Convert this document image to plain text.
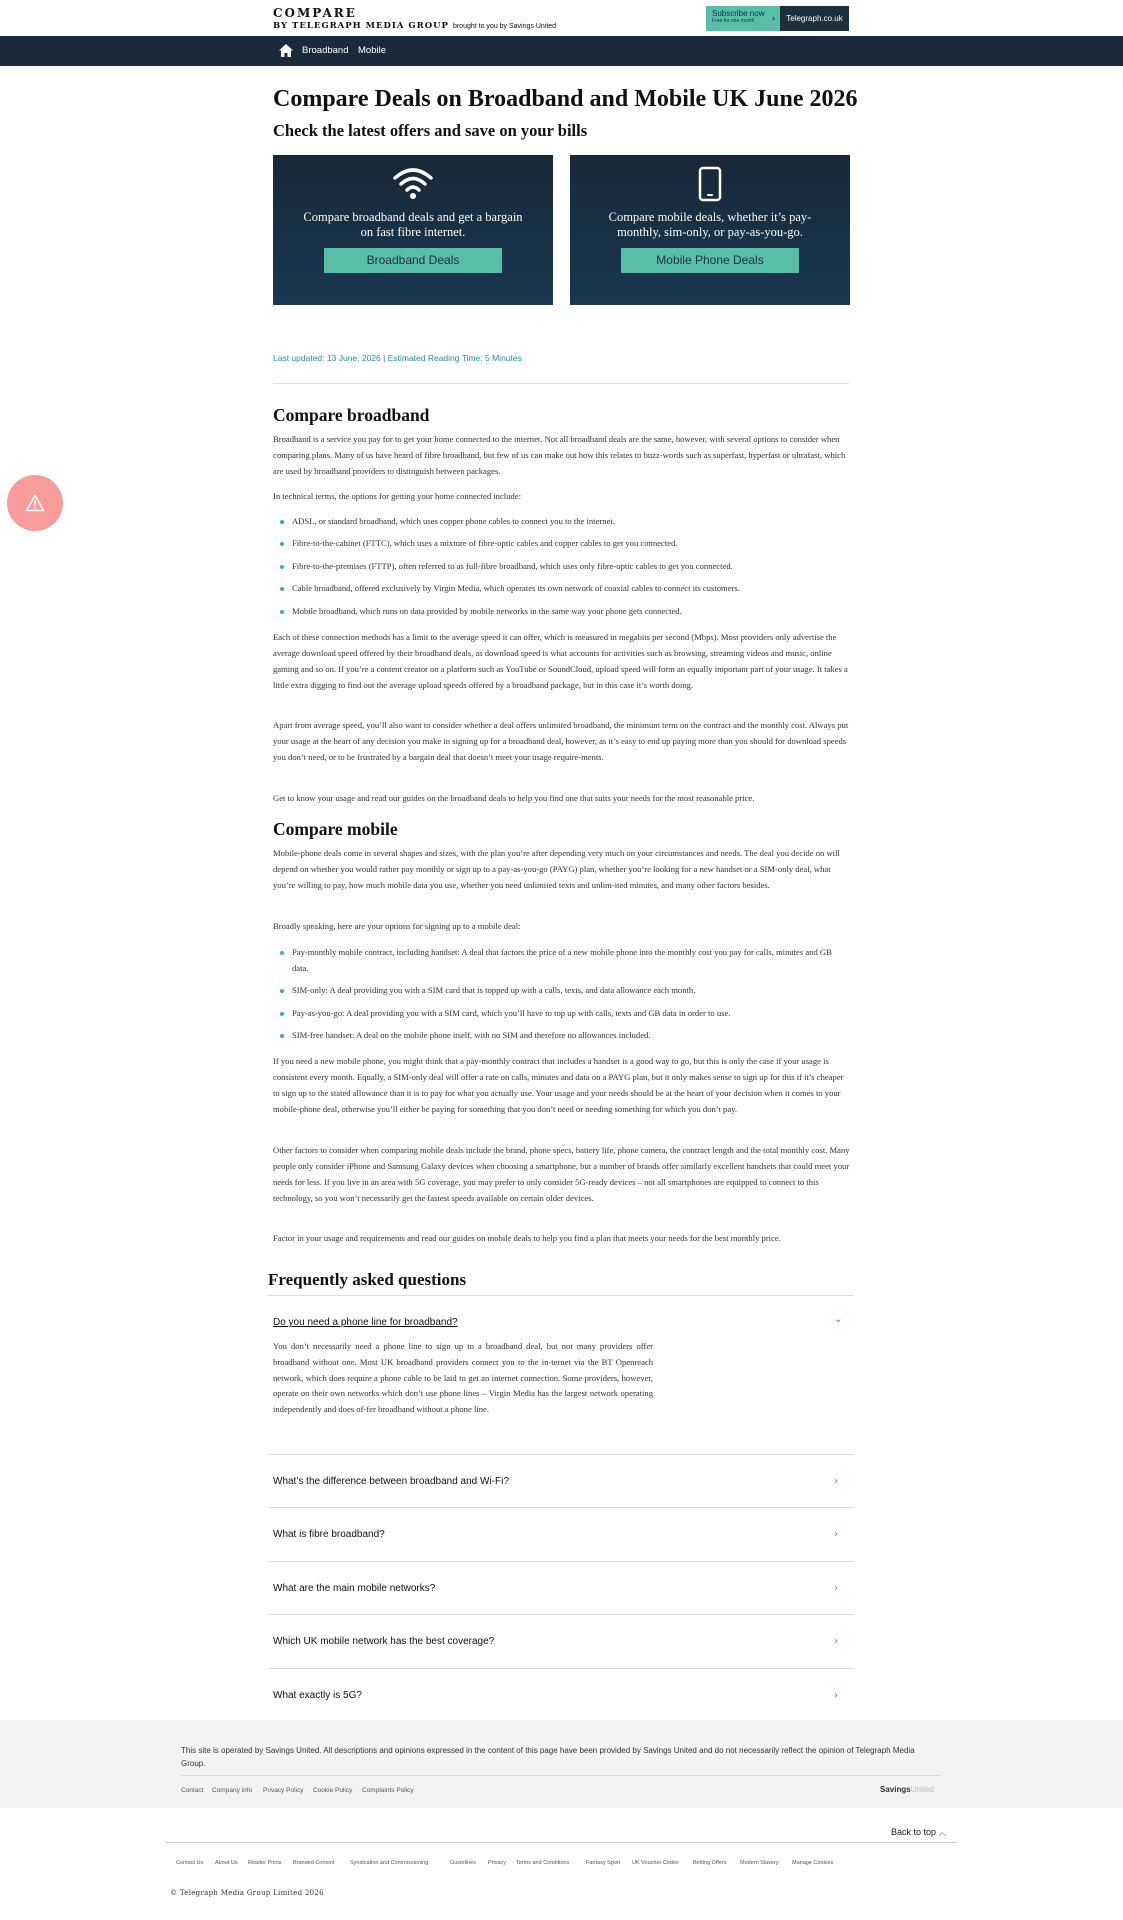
COMPARE
BY TELEGRAPH MEDIA GROUP brought to you by Savings United
Subscribe now
Free for one month	›	Telegraph.co.uk
Broadband Mobile
Compare Deals on Broadband and Mobile UK June 2026
Check the latest offers and save on your bills
Compare broadband deals and get a bargain on fast fibre internet.
Broadband Deals
Compare mobile deals, whether it’s pay-monthly, sim-only, or pay-as-you-go.
Mobile Phone Deals
Last updated: 13 June, 2026 | Estimated Reading Time: 5 Minutes
Compare broadband

Broadband is a service you pay for to get your home connected to the internet. Not all broadband deals are the same, however, with several options to consider when comparing plans. Many of us have heard of fibre broadband, but few of us can make out how this relates to buzz-words such as superfast, hyperfast or ultrafast, which are used by broadband providers to distinguish between packages.

In technical terms, the options for getting your home connected include:

ADSL, or standard broadband, which uses copper phone cables to connect you to the internet.
Fibre-to-the-cabinet (FTTC), which uses a mixture of fibre-optic cables and copper cables to get you connected.
Fibre-to-the-premises (FTTP), often referred to as full-fibre broadband, which uses only fibre-optic cables to get you connected.
Cable broadband, offered exclusively by Virgin Media, which operates its own network of coaxial cables to connect its customers.
Mobile broadband, which runs on data provided by mobile networks in the same way your phone gets connected.

Each of these connection methods has a limit to the average speed it can offer, which is measured in megabits per second (Mbps). Most providers only advertise the average download speed offered by their broadband deals, as download speed is what accounts for activities such as browsing, streaming videos and music, online gaming and so on. If you’re a content creator on a platform such as YouTube or SoundCloud, upload speed will form an equally important part of your usage. It takes a little extra digging to find out the average upload speeds offered by a broadband package, but in this case it’s worth doing.

Apart from average speed, you’ll also want to consider whether a deal offers unlimited broadband, the minimum term on the contract and the monthly cost. Always put your usage at the heart of any decision you make in signing up for a broadband deal, however, as it’s easy to end up paying more than you should for download speeds you don’t need, or to be frustrated by a bargain deal that doesn’t meet your usage require-ments.

Get to know your usage and read our guides on the broadband deals to help you find one that suits your needs for the most reasonable price.

Compare mobile

Mobile-phone deals come in several shapes and sizes, with the plan you’re after depending very much on your circumstances and needs. The deal you decide on will depend on whether you would rather pay monthly or sign up to a pay-as-you-go (PAYG) plan, whether you’re looking for a new handset or a SIM-only deal, what you’re willing to pay, how much mobile data you use, whether you need unlimited texts and unlim-ited minutes, and many other factors besides.

Broadly speaking, here are your options for signing up to a mobile deal:

Pay-monthly mobile contract, including handset: A deal that factors the price of a new mobile phone into the monthly cost you pay for calls, minutes and GB data.
SIM-only: A deal providing you with a SIM card that is topped up with a calls, texts, and data allowance each month.
Pay-as-you-go: A deal providing you with a SIM card, which you’ll have to top up with calls, texts and GB data in order to use.
SIM-free handset: A deal on the mobile phone itself, with no SIM and therefore no allowances included.

If you need a new mobile phone, you might think that a pay-monthly contract that includes a handset is a good way to go, but this is only the case if your usage is consistent every month. Equally, a SIM-only deal will offer a rate on calls, minutes and data on a PAYG plan, but it only makes sense to sign up for this if it’s cheaper to sign up to the stated allowance than it is to pay for what you actually use. Your usage and your needs should be at the heart of your decision when it comes to your mobile-phone deal, otherwise you’ll either be paying for something that you don’t need or needing something for which you don’t pay.

Other factors to consider when comparing mobile deals include the brand, phone specs, battery life, phone camera, the contract length and the total monthly cost. Many people only consider iPhone and Samsung Galaxy devices when choosing a smartphone, but a number of brands offer similarly excellent handsets that could meet your needs for less. If you live in an area with 5G coverage, you may prefer to only consider 5G-ready devices – not all smartphones are equipped to connect to this technology, so you won’t necessarily get the fastest speeds available on certain older devices.

Factor in your usage and requirements and read our guides on mobile deals to help you find a plan that meets your needs for the best monthly price.

Frequently asked questions
Do you need a phone line for broadband?	⌄

You don’t necessarily need a phone line to sign up to a broadband deal, but not many providers offer broadband without one. Most UK broadband providers connect you to the in-ternet via the BT Openreach network, which does require a phone cable to be laid to get an internet connection. Some providers, however, operate on their own networks which don’t use phone lines – Virgin Media has the largest network operating independently and does of-fer broadband without a phone line.

What’s the difference between broadband and Wi-Fi?	›
What is fibre broadband?	›
What are the main mobile networks?	›
Which UK mobile network has the best coverage?	›
What exactly is 5G?	›

This site is operated by Savings United. All descriptions and opinions expressed in the content of this page have been provided by Savings United and do not necessarily reflect the opinion of Telegraph Media Group.

Contact Company info Privacy Policy Cookie Policy Complaints Policy	SavingsUnited
Back to top ︿
Contact Us About Us Reader Prints Branded Content	Syndication and Commissioning	Guidelines Privacy Terms and Conditions	Fantasy Sport UK Voucher Codes	Betting Offers Modern Slavery Manage Cookies
© Telegraph Media Group Limited 2026
